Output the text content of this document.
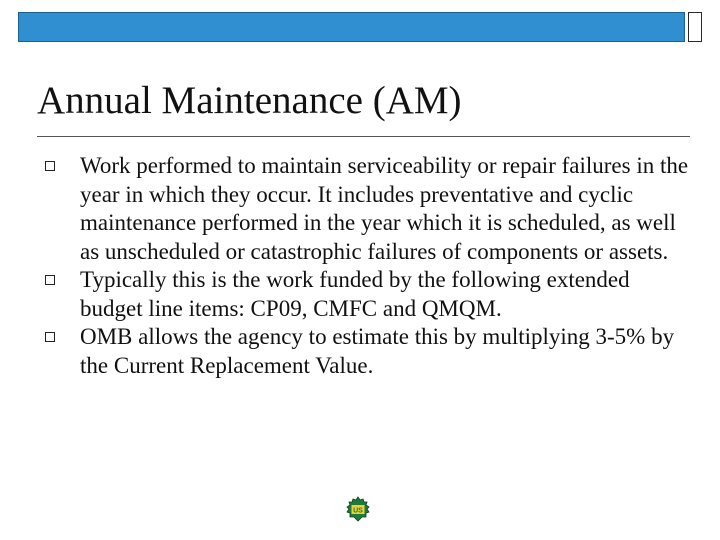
Annual Maintenance (AM)
Work performed to maintain serviceability or repair failures in the year in which they occur. It includes preventative and cyclic maintenance performed in the year which it is scheduled, as well as unscheduled or catastrophic failures of components or assets.
Typically this is the work funded by the following extended budget line items: CP09, CMFC and QMQM.
OMB allows the agency to estimate this by multiplying 3-5% by the Current Replacement Value.
US
